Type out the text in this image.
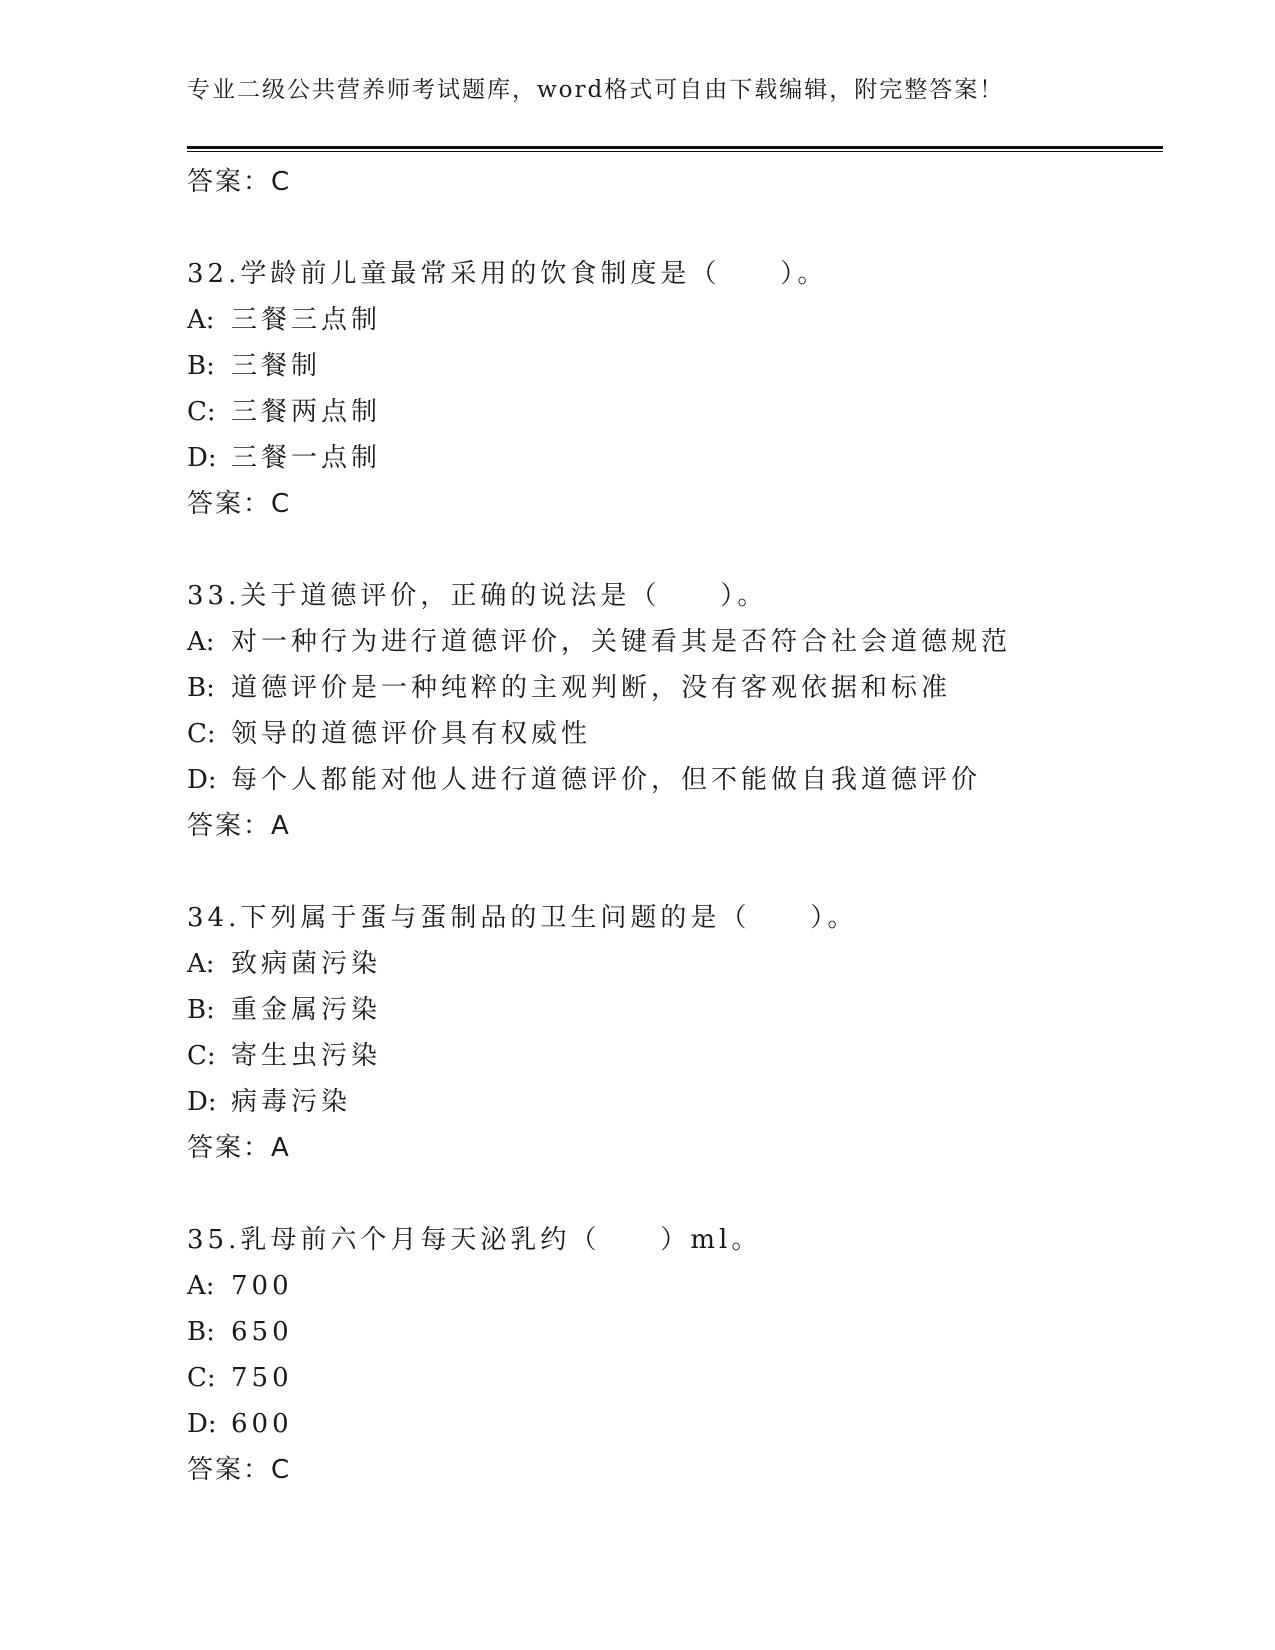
专业二级公共营养师考试题库，word格式可自由下载编辑，附完整答案！
答案：C
32.学龄前儿童最常采用的饮食制度是（　　）。
A: 三餐三点制
B: 三餐制
C: 三餐两点制
D: 三餐一点制
答案：C
33.关于道德评价，正确的说法是（　　）。
A: 对一种行为进行道德评价，关键看其是否符合社会道德规范
B: 道德评价是一种纯粹的主观判断，没有客观依据和标准
C: 领导的道德评价具有权威性
D: 每个人都能对他人进行道德评价，但不能做自我道德评价
答案：A
34.下列属于蛋与蛋制品的卫生问题的是（　　）。
A: 致病菌污染
B: 重金属污染
C: 寄生虫污染
D: 病毒污染
答案：A
35.乳母前六个月每天泌乳约（　　）ml。
A: 700
B: 650
C: 750
D: 600
答案：C
